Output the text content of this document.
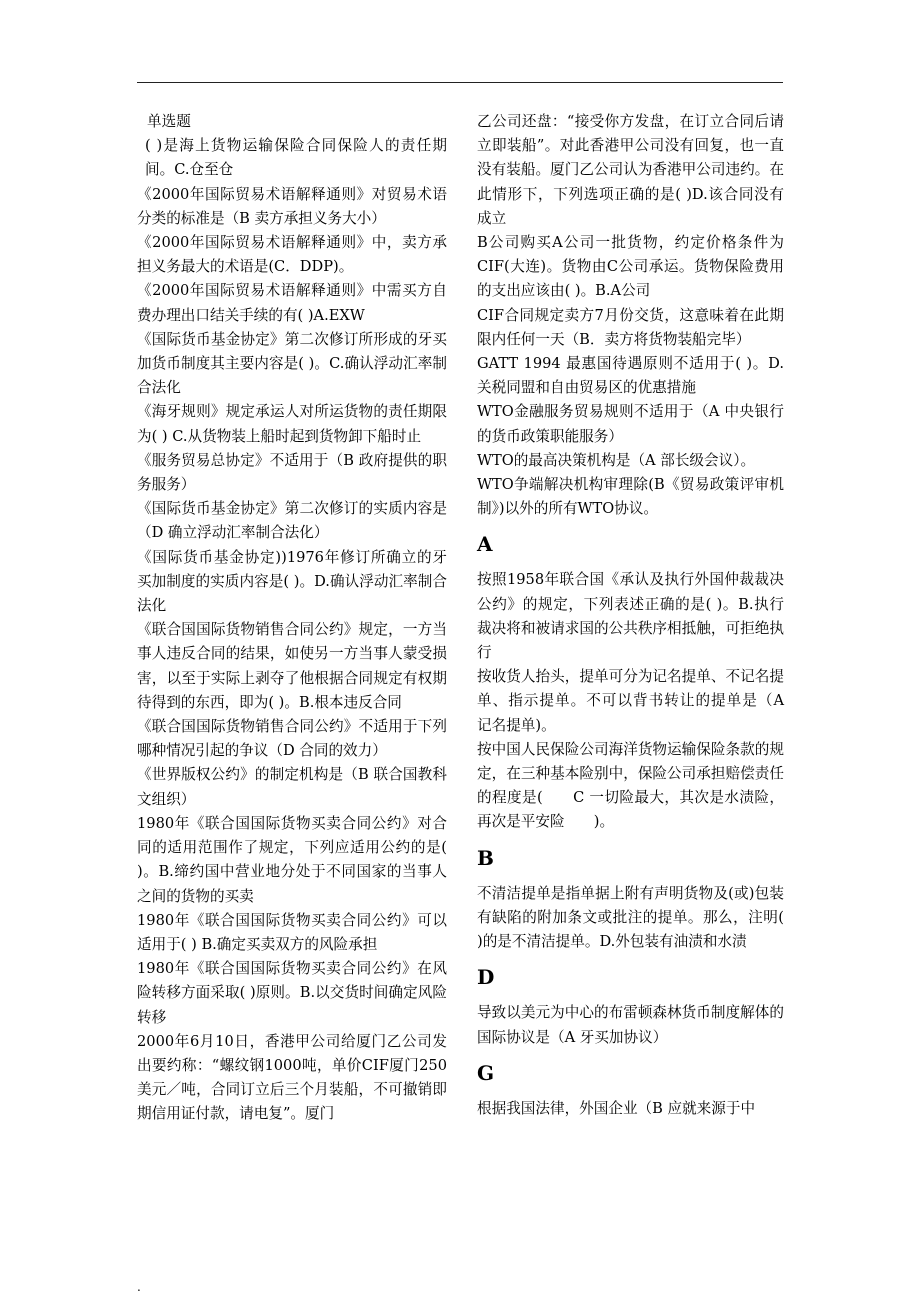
单选题

( )是海上货物运输保险合同保险人的责任期间。C.仓至仓

《2000年国际贸易术语解释通则》对贸易术语分类的标准是（B 卖方承担义务大小）

《2000年国际贸易术语解释通则》中，卖方承担义务最大的术语是(C．DDP)。

《2000年国际贸易术语解释通则》中需买方自费办理出口结关手续的有( )A.EXW

《国际货币基金协定》第二次修订所形成的牙买加货币制度其主要内容是( )。C.确认浮动汇率制合法化

《海牙规则》规定承运人对所运货物的责任期限为( ) C.从货物装上船时起到货物卸下船时止

《服务贸易总协定》不适用于（B 政府提供的职务服务）

《国际货币基金协定》第二次修订的实质内容是（D 确立浮动汇率制合法化）

《国际货币基金协定))1976年修订所确立的牙买加制度的实质内容是( )。D.确认浮动汇率制合法化

《联合国国际货物销售合同公约》规定，一方当事人违反合同的结果，如使另一方当事人蒙受损害，以至于实际上剥夺了他根据合同规定有权期待得到的东西，即为( )。B.根本违反合同

《联合国国际货物销售合同公约》不适用于下列哪种情况引起的争议（D 合同的效力）

《世界版权公约》的制定机构是（B 联合国教科文组织）

1980年《联合国国际货物买卖合同公约》对合同的适用范围作了规定，下列应适用公约的是( )。B.缔约国中营业地分处于不同国家的当事人之间的货物的买卖

1980年《联合国国际货物买卖合同公约》可以适用于( ) B.确定买卖双方的风险承担

1980年《联合国国际货物买卖合同公约》在风险转移方面采取( )原则。B.以交货时间确定风险转移

2000年6月10日，香港甲公司给厦门乙公司发出要约称：“螺纹钢1000吨，单价CIF厦门250美元／吨，合同订立后三个月装船，不可撤销即期信用证付款，请电复”。厦门

乙公司还盘：“接受你方发盘，在订立合同后请立即装船”。对此香港甲公司没有回复，也一直没有装船。厦门乙公司认为香港甲公司违约。在此情形下，下列选项正确的是( )D.该合同没有成立

B公司购买A公司一批货物，约定价格条件为CIF(大连)。货物由C公司承运。货物保险费用的支出应该由( )。B.A公司

CIF合同规定卖方7月份交货，这意味着在此期限内任何一天（B．卖方将货物装船完毕）

GATT 1994 最惠国待遇原则不适用于( )。D.关税同盟和自由贸易区的优惠措施

WTO金融服务贸易规则不适用于（A 中央银行的货币政策职能服务）

WTO的最高决策机构是（A 部长级会议）。

WTO争端解决机构审理除(B《贸易政策评审机制》)以外的所有WTO协议。

A

按照1958年联合国《承认及执行外国仲裁裁决公约》的规定，下列表述正确的是( )。B.执行裁决将和被请求国的公共秩序相抵触，可拒绝执行

按收货人抬头，提单可分为记名提单、不记名提单、指示提单。不可以背书转让的提单是（A 记名提单)。

按中国人民保险公司海洋货物运输保险条款的规定，在三种基本险别中，保险公司承担赔偿责任的程度是(　　C 一切险最大，其次是水渍险，再次是平安险　　)。

B

不清洁提单是指单据上附有声明货物及(或)包装有缺陷的附加条文或批注的提单。那么，注明( )的是不清洁提单。D.外包装有油渍和水渍

D

导致以美元为中心的布雷顿森林货币制度解体的国际协议是（A 牙买加协议）

G

根据我国法律，外国企业（B 应就来源于中

.
